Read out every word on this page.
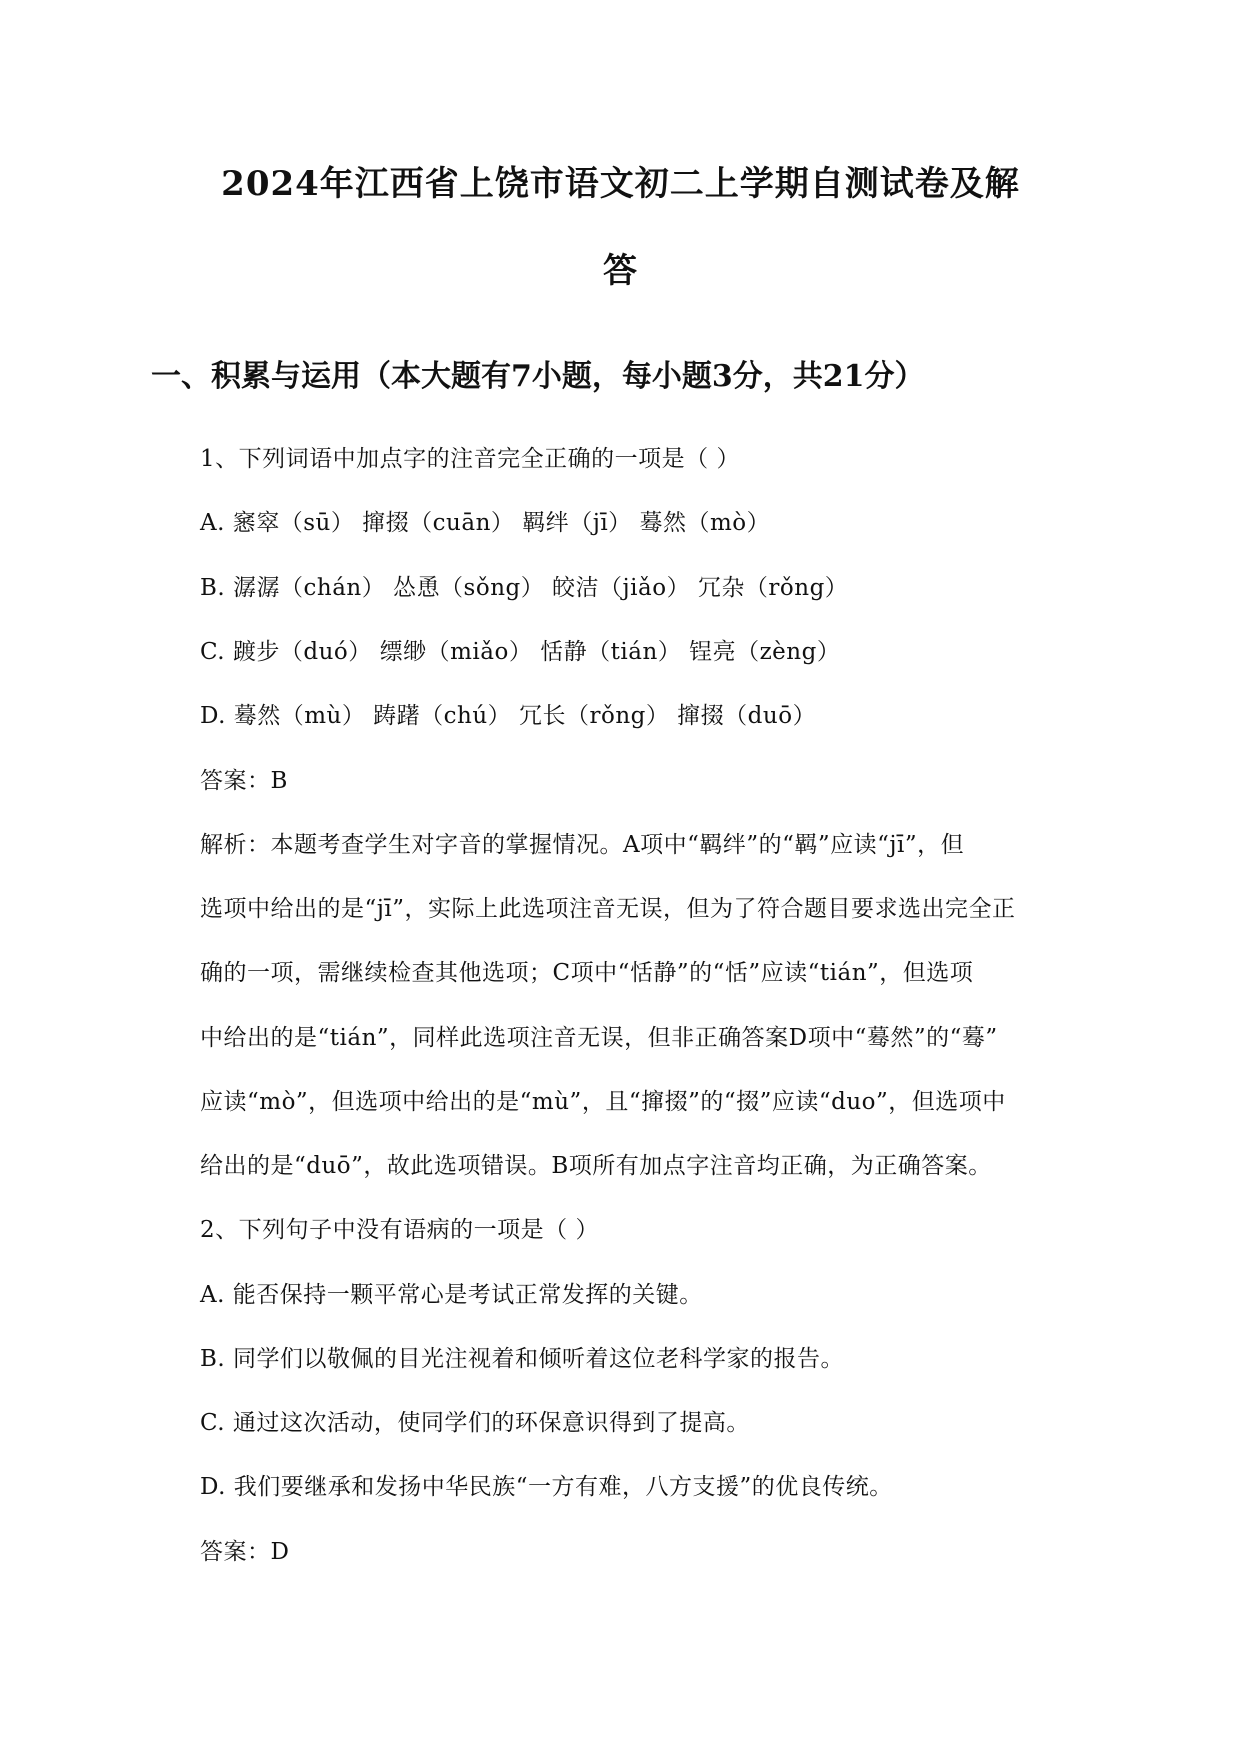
2024年江西省上饶市语文初二上学期自测试卷及解
答
一、积累与运用（本大题有7小题，每小题3分，共21分）
1、下列词语中加点字的注音完全正确的一项是（ ）
A. 窸窣（sū） 撺掇（cuān） 羁绊（jī） 蓦然（mò）
B. 潺潺（chán） 怂恿（sǒng） 皎洁（jiǎo） 冗杂（rǒng）
C. 踱步（duó） 缥缈（miǎo） 恬静（tián） 锃亮（zèng）
D. 蓦然（mù） 踌躇（chú） 冗长（rǒng） 撺掇（duō）
答案：B
解析：本题考查学生对字音的掌握情况。A项中“羁绊”的“羁”应读“jī”，但
选项中给出的是“jī”，实际上此选项注音无误，但为了符合题目要求选出完全正
确的一项，需继续检查其他选项；C项中“恬静”的“恬”应读“tián”，但选项
中给出的是“tián”，同样此选项注音无误，但非正确答案D项中“蓦然”的“蓦”
应读“mò”，但选项中给出的是“mù”，且“撺掇”的“掇”应读“duo”，但选项中
给出的是“duō”，故此选项错误。B项所有加点字注音均正确，为正确答案。
2、下列句子中没有语病的一项是（ ）
A. 能否保持一颗平常心是考试正常发挥的关键。
B. 同学们以敬佩的目光注视着和倾听着这位老科学家的报告。
C. 通过这次活动，使同学们的环保意识得到了提高。
D. 我们要继承和发扬中华民族“一方有难，八方支援”的优良传统。
答案：D
